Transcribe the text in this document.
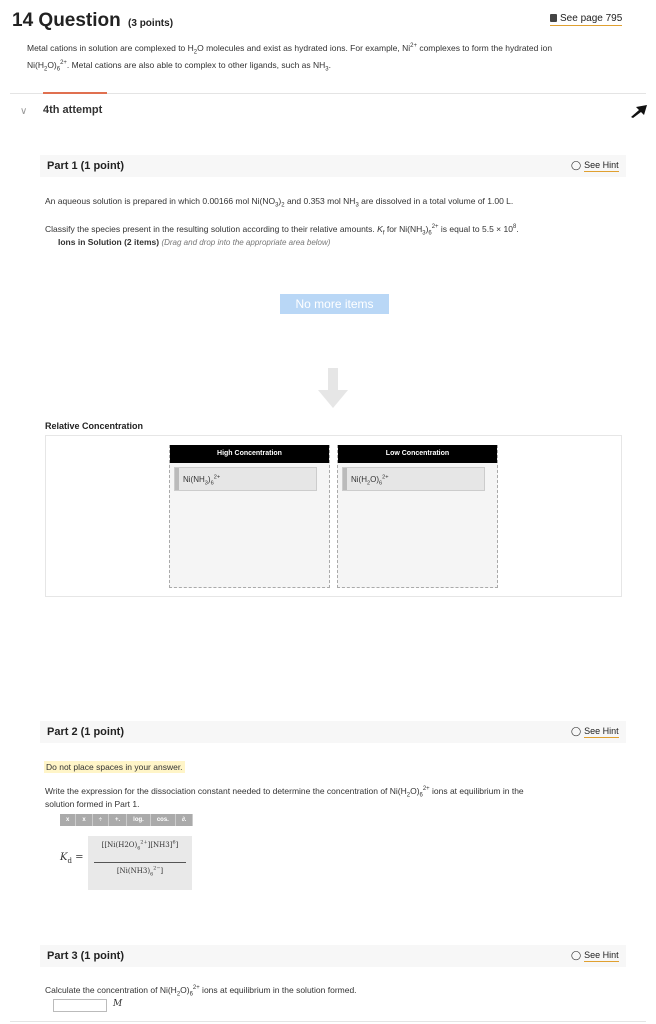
14 Question (3 points)	See page 795
Metal cations in solution are complexed to $H_2O$ molecules and exist as hydrated ions. For example, $Ni^{2+}$ complexes to form the hydrated ion
$Ni(H_2O)_6^{2+}$. Metal cations are also able to complex to other ligands, such as $NH_3$.
∨ 4th attempt
Part 1 (1 point)	◯ See Hint
An aqueous solution is prepared in which 0.00166 mol $Ni(NO_3)_2$ and 0.353 mol $NH_3$ are dissolved in a total volume of 1.00 L.
Classify the species present in the resulting solution according to their relative amounts. $K_f$ for $Ni(NH_3)_6^{2+}$ is equal to $5.5 \times 10^8$.
Ions in Solution (2 items) (Drag and drop into the appropriate area below)
No more items
Relative Concentration
High Concentration
$Ni(NH_3)_6^{2+}$
Low Concentration
$Ni(H_2O)_6^{2+}$
Part 2 (1 point)	◯ See Hint
Do not place spaces in your answer.
Write the expression for the dissociation constant needed to determine the concentration of $Ni(H_2O)_6^{2+}$ ions at equilibrium in the
solution formed in Part 1.
x	x	÷	+.	log.	cos.	∂.
$K_d$ =
$[[Ni(H2O)_6^{2+}][NH3]^6]$
$[Ni(NH3)_6^{2-}]$
Part 3 (1 point)	◯ See Hint
Calculate the concentration of $Ni(H_2O)_6^{2+}$ ions at equilibrium in the solution formed.
M
